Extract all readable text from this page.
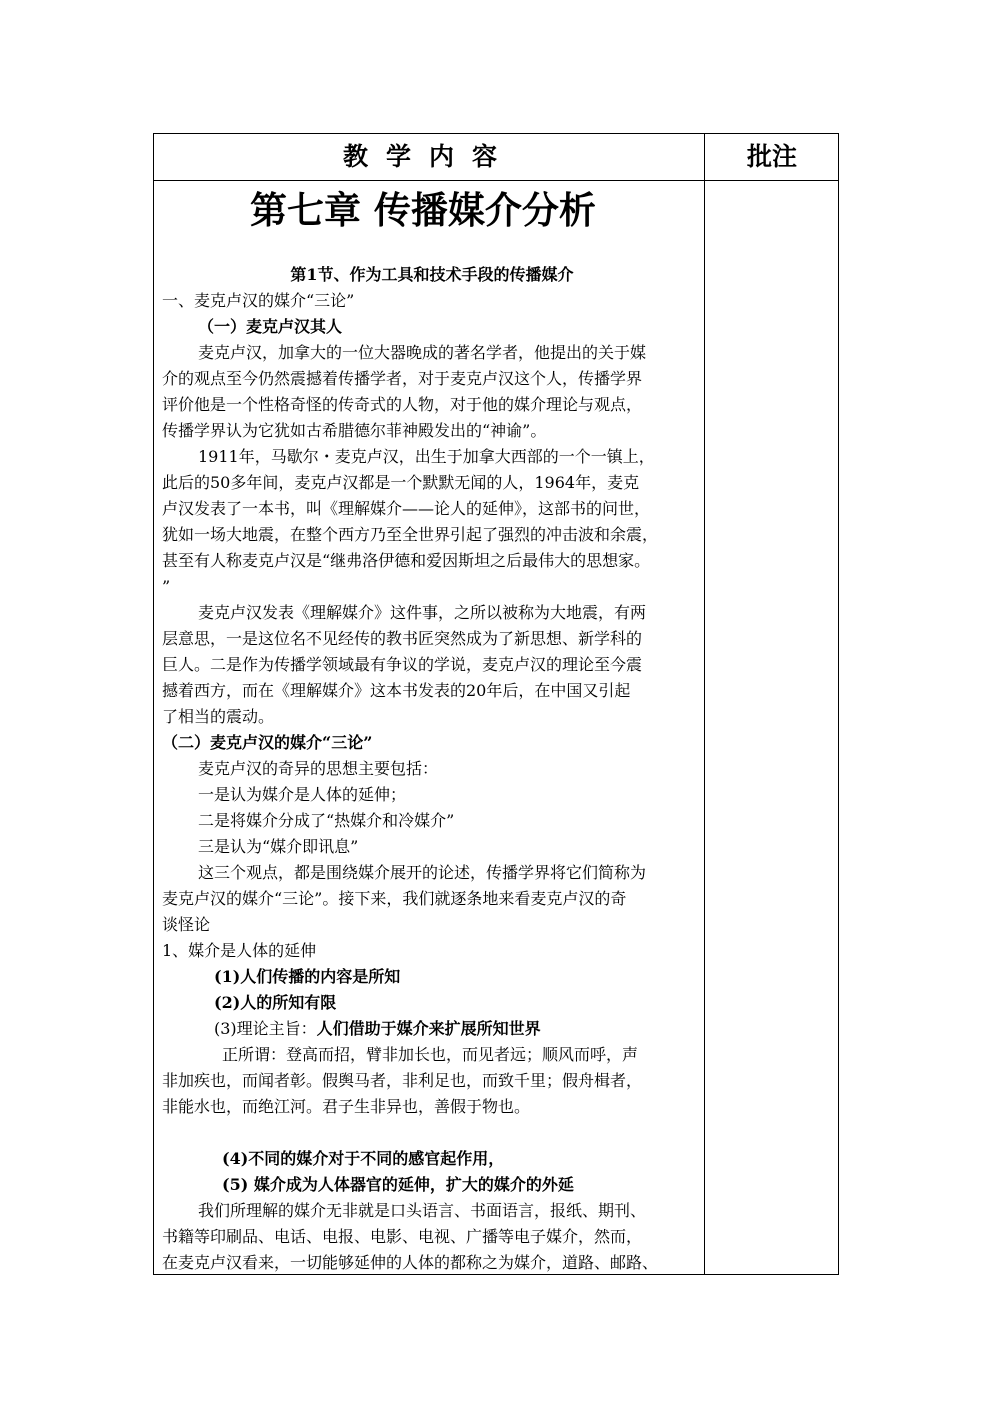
教学内容	批注
第七章 传播媒介分析
第1节、作为工具和技术手段的传播媒介

一、麦克卢汉的媒介“三论”

（一）麦克卢汉其人

麦克卢汉，加拿大的一位大器晚成的著名学者，他提出的关于媒

介的观点至今仍然震撼着传播学者，对于麦克卢汉这个人，传播学界

评价他是一个性格奇怪的传奇式的人物，对于他的媒介理论与观点，

传播学界认为它犹如古希腊德尔菲神殿发出的“神谕”。

1911年，马歇尔・麦克卢汉，出生于加拿大西部的一个一镇上，

此后的50多年间，麦克卢汉都是一个默默无闻的人，1964年，麦克

卢汉发表了一本书，叫《理解媒介——论人的延伸》，这部书的问世，

犹如一场大地震，在整个西方乃至全世界引起了强烈的冲击波和余震，

甚至有人称麦克卢汉是“继弗洛伊德和爱因斯坦之后最伟大的思想家。

”

麦克卢汉发表《理解媒介》这件事，之所以被称为大地震，有两

层意思，一是这位名不见经传的教书匠突然成为了新思想、新学科的

巨人。二是作为传播学领域最有争议的学说，麦克卢汉的理论至今震

撼着西方，而在《理解媒介》这本书发表的20年后，在中国又引起

了相当的震动。

（二）麦克卢汉的媒介“三论”

麦克卢汉的奇异的思想主要包括：

一是认为媒介是人体的延伸；

二是将媒介分成了“热媒介和冷媒介”

三是认为“媒介即讯息”

这三个观点，都是围绕媒介展开的论述，传播学界将它们简称为

麦克卢汉的媒介“三论”。接下来，我们就逐条地来看麦克卢汉的奇

谈怪论

1、媒介是人体的延伸

(1)人们传播的内容是所知

(2)人的所知有限

(3)理论主旨：人们借助于媒介来扩展所知世界

正所谓：登高而招，臂非加长也，而见者远；顺风而呼，声

非加疾也，而闻者彰。假舆马者，非利足也，而致千里；假舟楫者，

非能水也，而绝江河。君子生非异也，善假于物也。

(4)不同的媒介对于不同的感官起作用，

(5) 媒介成为人体器官的延伸，扩大的媒介的外延

我们所理解的媒介无非就是口头语言、书面语言，报纸、期刊、

书籍等印刷品、电话、电报、电影、电视、广播等电子媒介，然而，

在麦克卢汉看来，一切能够延伸的人体的都称之为媒介，道路、邮路、
